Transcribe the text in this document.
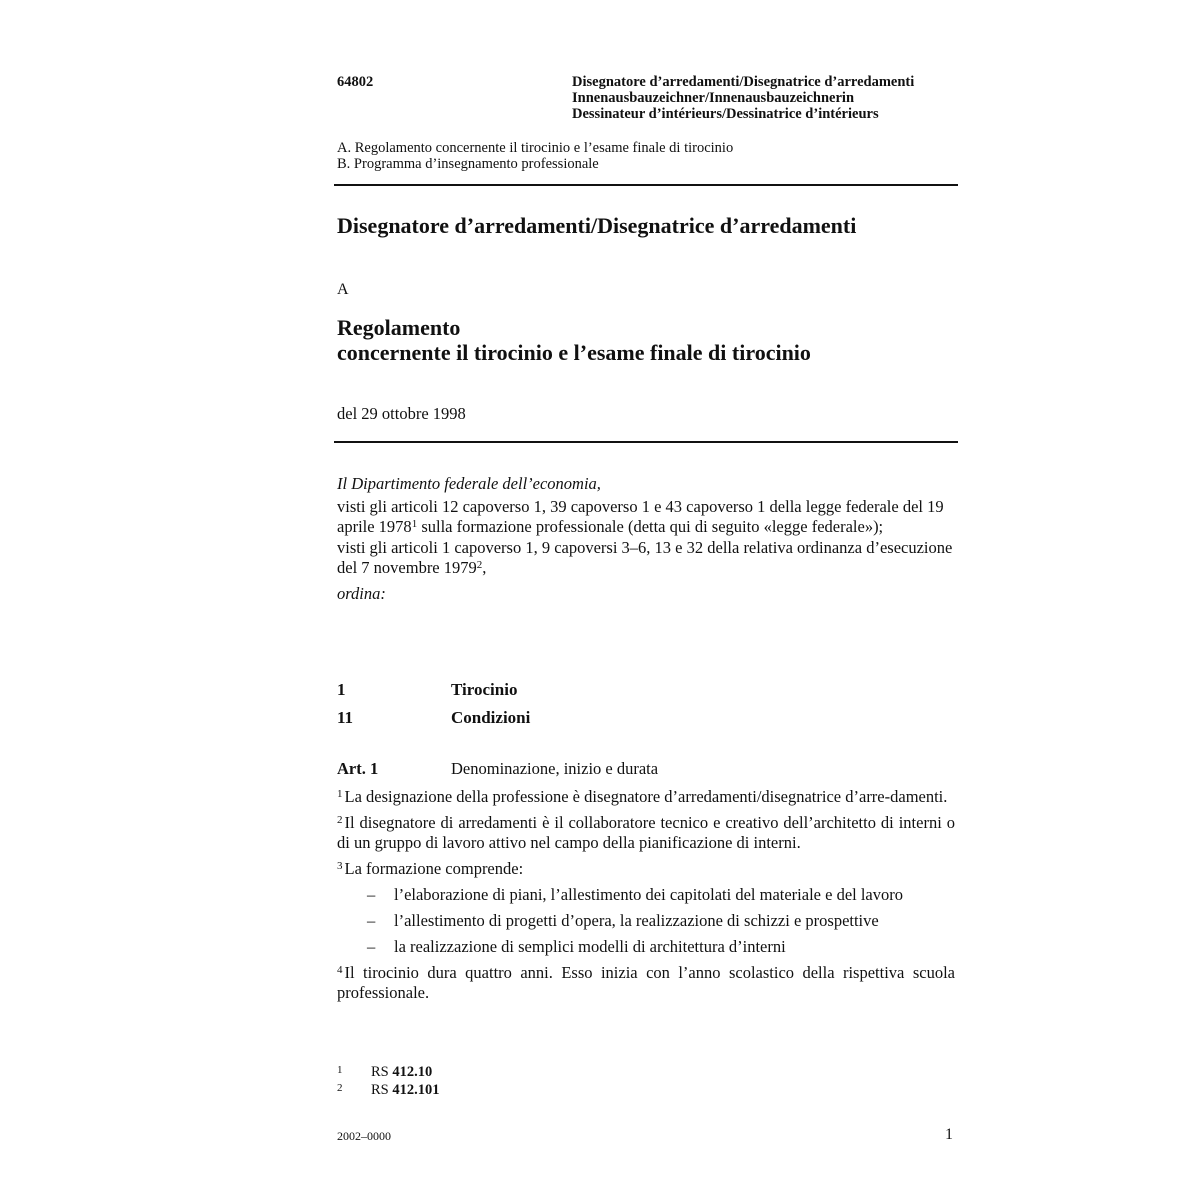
64802	Disegnatore d’arredamenti/Disegnatrice d’arredamenti
Innenausbauzeichner/Innenausbauzeichnerin
Dessinateur d’intérieurs/Dessinatrice d’intérieurs
A. Regolamento concernente il tirocinio e l’esame finale di tirocinio
B. Programma d’insegnamento professionale
Disegnatore d’arredamenti/Disegnatrice d’arredamenti
A
Regolamento
concernente il tirocinio e l’esame finale di tirocinio
del 29 ottobre 1998

Il Dipartimento federale dell’economia,

visti gli articoli 12 capoverso 1, 39 capoverso 1 e 43 capoverso 1 della legge federale del 19 aprile 1978$^1$ sulla formazione professionale (detta qui di seguito «legge federale»);

visti gli articoli 1 capoverso 1, 9 capoversi 3–6, 13 e 32 della relativa ordinanza d’esecuzione del 7 novembre 1979$^2$,

ordina:

1	Tirocinio
11	Condizioni
Art. 1	Denominazione, inizio e durata

$^1$ La designazione della professione è disegnatore d’arredamenti/disegnatrice d’arre-damenti.

$^2$ Il disegnatore di arredamenti è il collaboratore tecnico e creativo dell’architetto di interni o di un gruppo di lavoro attivo nel campo della pianificazione di interni.

$^3$ La formazione comprende:

– l’elaborazione di piani, l’allestimento dei capitolati del materiale e del lavoro
– l’allestimento di progetti d’opera, la realizzazione di schizzi e prospettive
– la realizzazione di semplici modelli di architettura d’interni

$^4$ Il tirocinio dura quattro anni. Esso inizia con l’anno scolastico della rispettiva scuola professionale.

1 RS 412.10
2 RS 412.101
2002–0000	1
